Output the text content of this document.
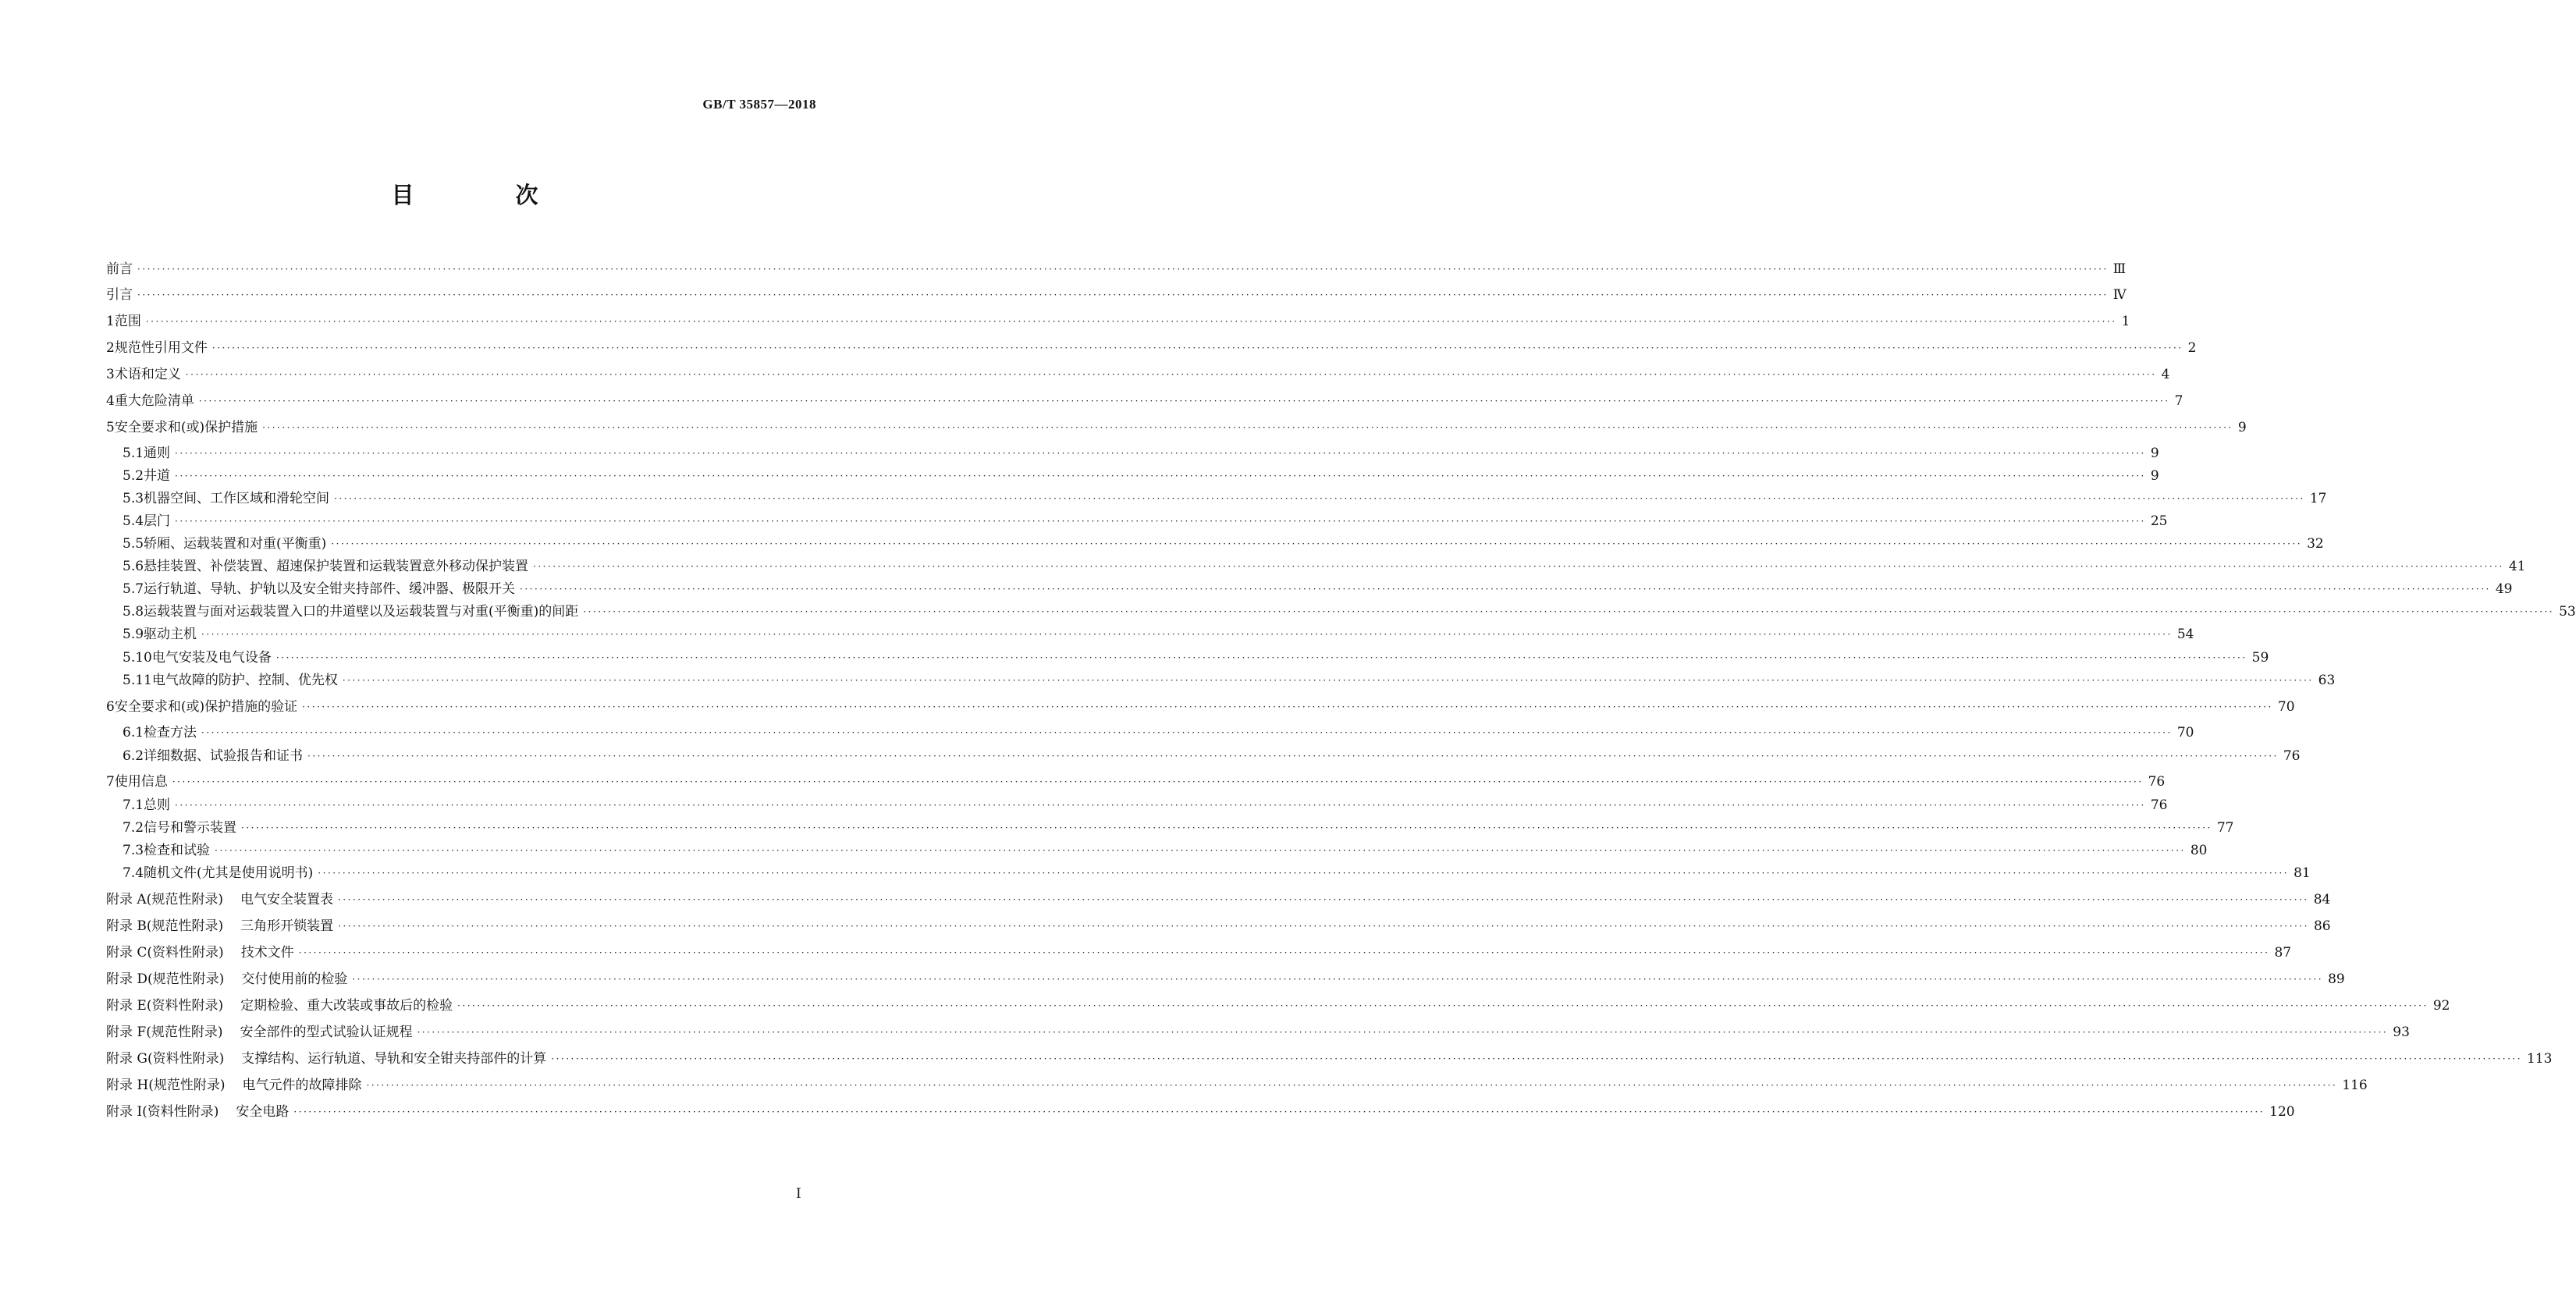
GB/T 35857—2018
目 次
前言 ················································································································································································································································································································································································································ Ⅲ
引言 ················································································································································································································································································································································································································ Ⅳ
1 范围 ················································································································································································································································································································································································································ 1
2 规范性引用文件 ················································································································································································································································································································································································································ 2
3 术语和定义 ················································································································································································································································································································································································································ 4
4 重大危险清单 ················································································································································································································································································································································································································ 7
5 安全要求和(或)保护措施 ················································································································································································································································································································································································································ 9
5.1 通则 ················································································································································································································································································································································································································ 9
5.2 井道 ················································································································································································································································································································································································································ 9
5.3 机器空间、工作区域和滑轮空间 ················································································································································································································································································································································································································ 17
5.4 层门 ················································································································································································································································································································································································································ 25
5.5 轿厢、运载装置和对重(平衡重) ················································································································································································································································································································································································································ 32
5.6 悬挂装置、补偿装置、超速保护装置和运载装置意外移动保护装置 ················································································································································································································································································································································································································ 41
5.7 运行轨道、导轨、护轨以及安全钳夹持部件、缓冲器、极限开关 ················································································································································································································································································································································································································ 49
5.8 运载装置与面对运载装置入口的井道壁以及运载装置与对重(平衡重)的间距 ················································································································································································································································································································································································································ 53
5.9 驱动主机 ················································································································································································································································································································································································································ 54
5.10 电气安装及电气设备 ················································································································································································································································································································································································································ 59
5.11 电气故障的防护、控制、优先权 ················································································································································································································································································································································································································ 63
6 安全要求和(或)保护措施的验证 ················································································································································································································································································································································································································ 70
6.1 检查方法 ················································································································································································································································································································································································································ 70
6.2 详细数据、试验报告和证书 ················································································································································································································································································································································································································ 76
7 使用信息 ················································································································································································································································································································································································································ 76
7.1 总则 ················································································································································································································································································································································································································ 76
7.2 信号和警示装置 ················································································································································································································································································································································································································ 77
7.3 检查和试验 ················································································································································································································································································································································································································ 80
7.4 随机文件(尤其是使用说明书) ················································································································································································································································································································································································································ 81
附录 A(规范性附录) 电气安全装置表 ················································································································································································································································································································································································································ 84
附录 B(规范性附录) 三角形开锁装置 ················································································································································································································································································································································································································ 86
附录 C(资料性附录) 技术文件 ················································································································································································································································································································································································································ 87
附录 D(规范性附录) 交付使用前的检验 ················································································································································································································································································································································································································ 89
附录 E(资料性附录) 定期检验、重大改装或事故后的检验 ················································································································································································································································································································································································································ 92
附录 F(规范性附录) 安全部件的型式试验认证规程 ················································································································································································································································································································································································································ 93
附录 G(资料性附录) 支撑结构、运行轨道、导轨和安全钳夹持部件的计算 ················································································································································································································································································································································································································ 113
附录 H(规范性附录) 电气元件的故障排除 ················································································································································································································································································································································································································ 116
附录 I(资料性附录) 安全电路 ················································································································································································································································································································································································································ 120
I
